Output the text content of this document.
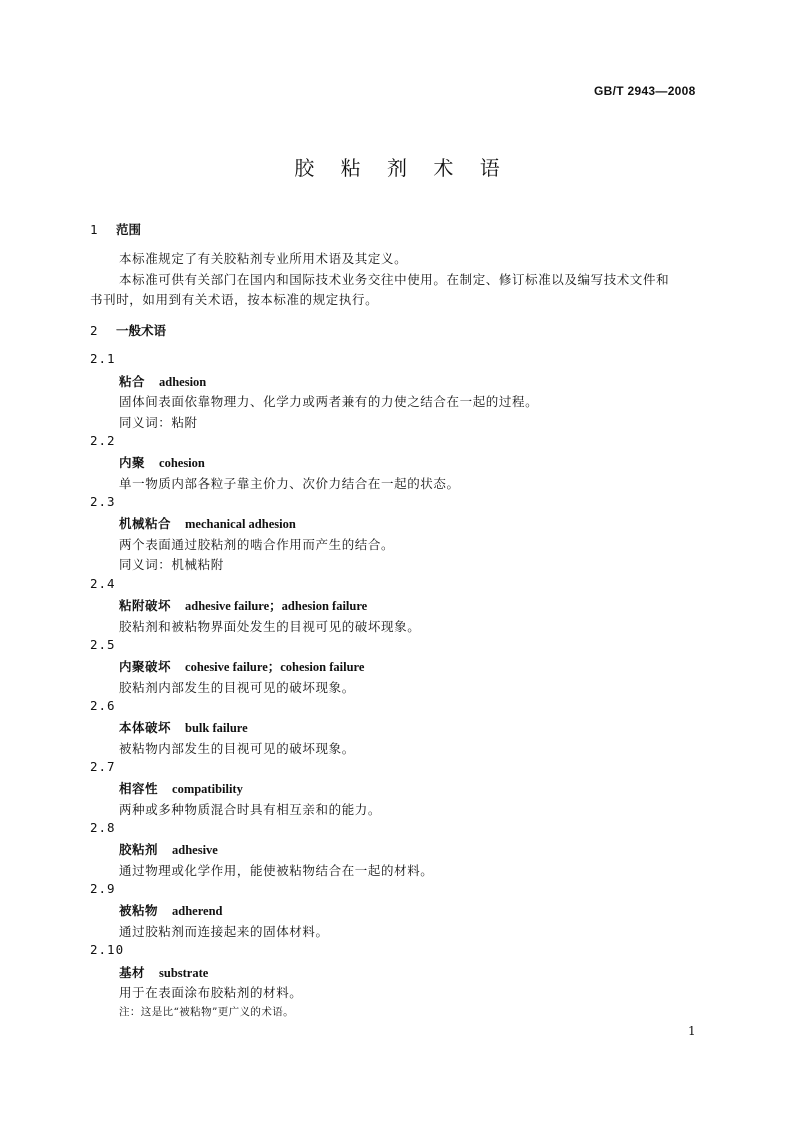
GB/T 2943—2008
胶 粘 剂 术 语
1 范围
本标准规定了有关胶粘剂专业所用术语及其定义。
本标准可供有关部门在国内和国际技术业务交往中使用。在制定、修订标准以及编写技术文件和
书刊时，如用到有关术语，按本标准的规定执行。
2 一般术语
2.1
粘合 adhesion
固体间表面依靠物理力、化学力或两者兼有的力使之结合在一起的过程。
同义词：粘附
2.2
内聚 cohesion
单一物质内部各粒子靠主价力、次价力结合在一起的状态。
2.3
机械粘合 mechanical adhesion
两个表面通过胶粘剂的啮合作用而产生的结合。
同义词：机械粘附
2.4
粘附破坏 adhesive failure；adhesion failure
胶粘剂和被粘物界面处发生的目视可见的破坏现象。
2.5
内聚破坏 cohesive failure；cohesion failure
胶粘剂内部发生的目视可见的破坏现象。
2.6
本体破坏 bulk failure
被粘物内部发生的目视可见的破坏现象。
2.7
相容性 compatibility
两种或多种物质混合时具有相互亲和的能力。
2.8
胶粘剂 adhesive
通过物理或化学作用，能使被粘物结合在一起的材料。
2.9
被粘物 adherend
通过胶粘剂而连接起来的固体材料。
2.10
基材 substrate
用于在表面涂布胶粘剂的材料。
注：这是比“被粘物”更广义的术语。
1
